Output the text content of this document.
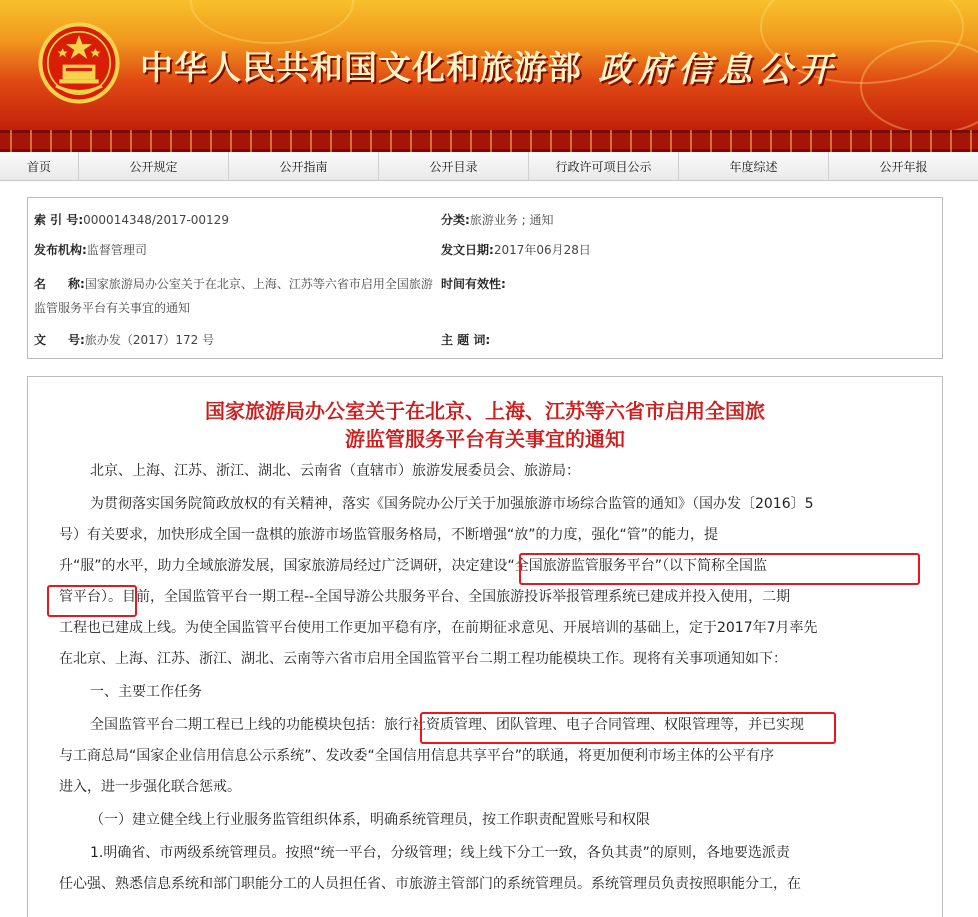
中华人民共和国文化和旅游部 政府信息公开
首页	公开规定	公开指南	公开目录	行政许可项目公示	年度综述	公开年报
索 引 号:000014348/2017-00129	分类:旅游业务 ; 通知
发布机构:监督管理司	发文日期:2017年06月28日
名 称:国家旅游局办公室关于在北京、上海、江苏等六省市启用全国旅游
监管服务平台有关事宜的通知
时间有效性:
文 号:旅办发（2017）172 号	主 题 词:
国家旅游局办公室关于在北京、上海、江苏等六省市启用全国旅
游监管服务平台有关事宜的通知
北京、上海、江苏、浙江、湖北、云南省（直辖市）旅游发展委员会、旅游局：
为贯彻落实国务院简政放权的有关精神，落实《国务院办公厅关于加强旅游市场综合监管的通知》（国办发〔2016〕5
号）有关要求，加快形成全国一盘棋的旅游市场监管服务格局，不断增强“放”的力度，强化“管”的能力，提
升“服”的水平，助力全域旅游发展，国家旅游局经过广泛调研，决定建设“全国旅游监管服务平台”（以下简称全国监
管平台）。目前，全国监管平台一期工程--全国导游公共服务平台、全国旅游投诉举报管理系统已建成并投入使用，二期
工程也已建成上线。为使全国监管平台使用工作更加平稳有序，在前期征求意见、开展培训的基础上，定于2017年7月率先
在北京、上海、江苏、浙江、湖北、云南等六省市启用全国监管平台二期工程功能模块工作。现将有关事项通知如下：
一、主要工作任务
全国监管平台二期工程已上线的功能模块包括：旅行社资质管理、团队管理、电子合同管理、权限管理等，并已实现
与工商总局“国家企业信用信息公示系统”、发改委“全国信用信息共享平台”的联通，将更加便利市场主体的公平有序
进入，进一步强化联合惩戒。
（一）建立健全线上行业服务监管组织体系，明确系统管理员，按工作职责配置账号和权限
1.明确省、市两级系统管理员。按照“统一平台，分级管理；线上线下分工一致，各负其责”的原则，各地要选派责
任心强、熟悉信息系统和部门职能分工的人员担任省、市旅游主管部门的系统管理员。系统管理员负责按照职能分工，在
